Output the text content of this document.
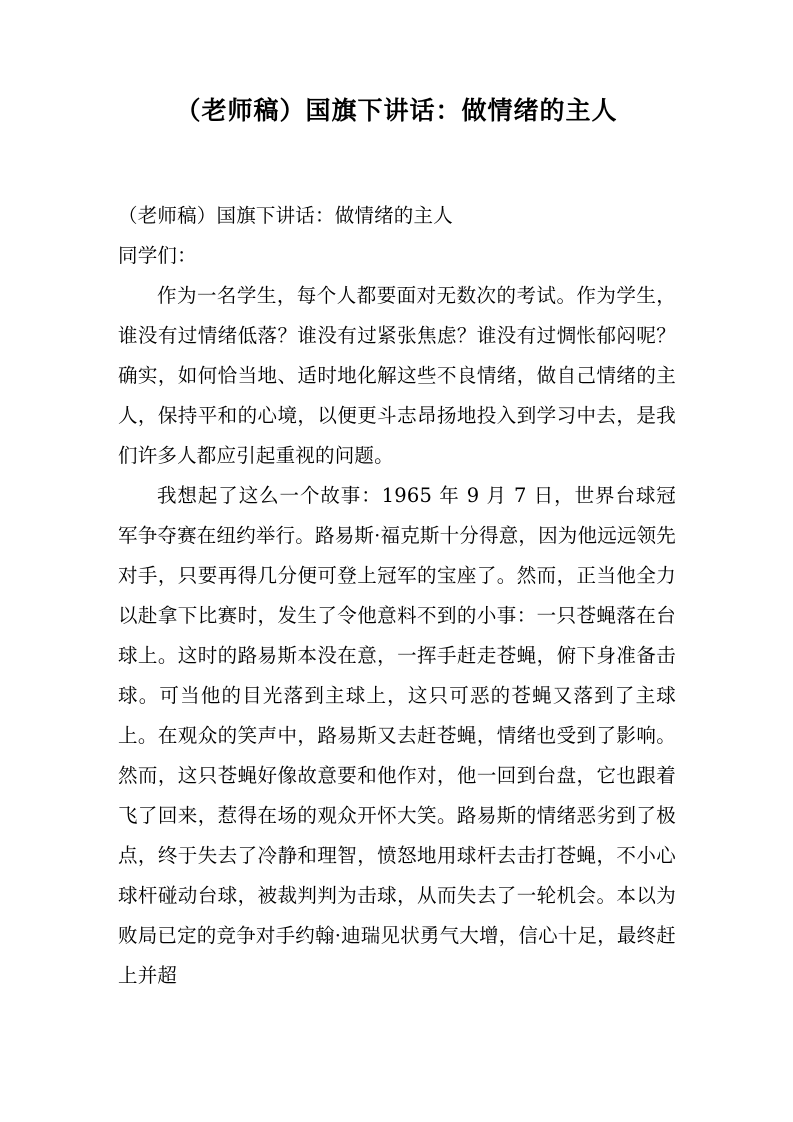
（老师稿）国旗下讲话：做情绪的主人

（老师稿）国旗下讲话：做情绪的主人

同学们：

作为一名学生，每个人都要面对无数次的考试。作为学生，谁没有过情绪低落？谁没有过紧张焦虑？谁没有过惆怅郁闷呢？确实，如何恰当地、适时地化解这些不良情绪，做自己情绪的主人，保持平和的心境，以便更斗志昂扬地投入到学习中去，是我们许多人都应引起重视的问题。

我想起了这么一个故事：1965 年 9 月 7 日，世界台球冠军争夺赛在纽约举行。路易斯·福克斯十分得意，因为他远远领先对手，只要再得几分便可登上冠军的宝座了。然而，正当他全力以赴拿下比赛时，发生了令他意料不到的小事：一只苍蝇落在台球上。这时的路易斯本没在意，一挥手赶走苍蝇，俯下身准备击球。可当他的目光落到主球上，这只可恶的苍蝇又落到了主球上。在观众的笑声中，路易斯又去赶苍蝇，情绪也受到了影响。然而，这只苍蝇好像故意要和他作对，他一回到台盘，它也跟着飞了回来，惹得在场的观众开怀大笑。路易斯的情绪恶劣到了极点，终于失去了冷静和理智，愤怒地用球杆去击打苍蝇，不小心球杆碰动台球，被裁判判为击球，从而失去了一轮机会。本以为败局已定的竞争对手约翰·迪瑞见状勇气大增，信心十足，最终赶上并超
